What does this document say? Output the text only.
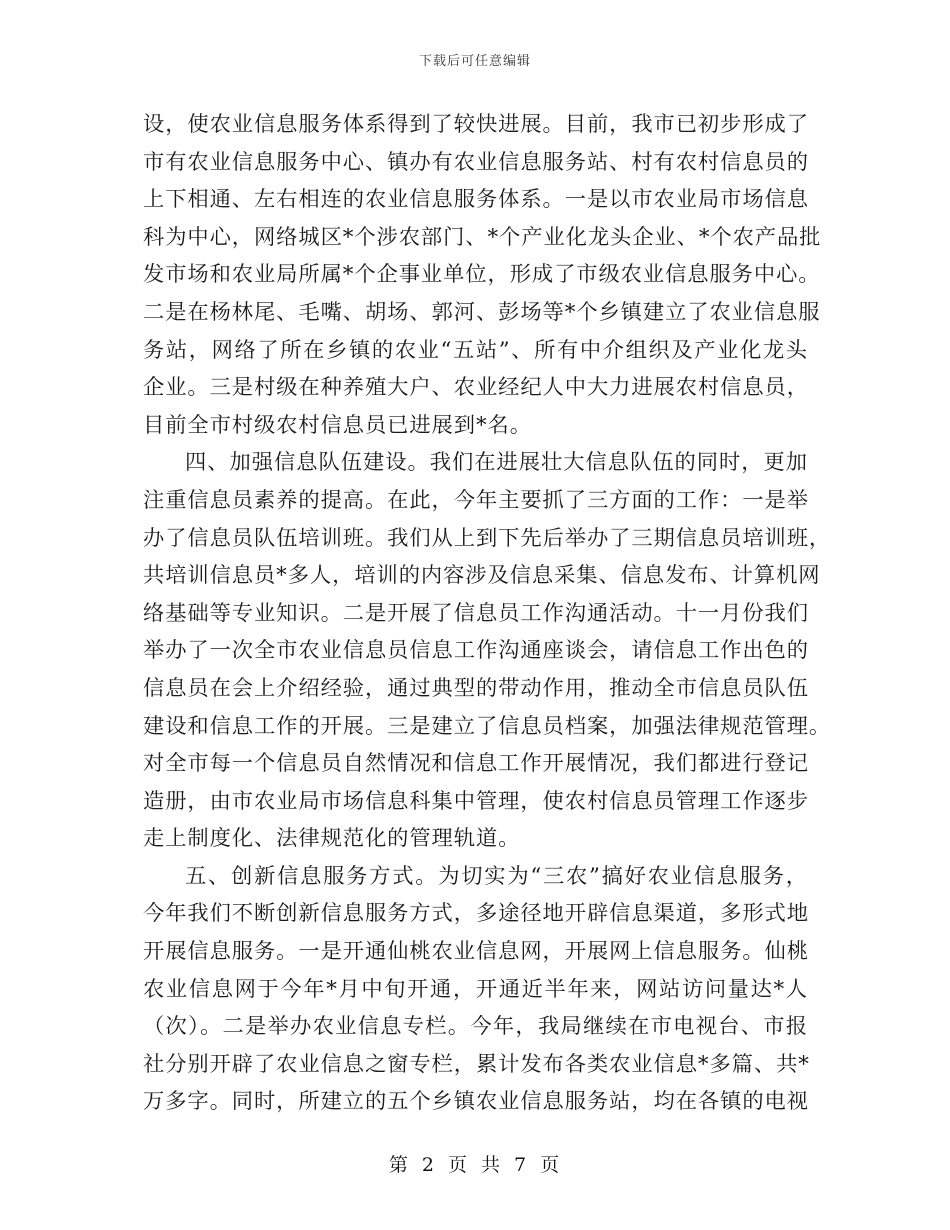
下载后可任意编辑
设，使农业信息服务体系得到了较快进展。目前，我市已初步形成了
市有农业信息服务中心、镇办有农业信息服务站、村有农村信息员的
上下相通、左右相连的农业信息服务体系。一是以市农业局市场信息
科为中心，网络城区*个涉农部门、*个产业化龙头企业、*个农产品批
发市场和农业局所属*个企事业单位，形成了市级农业信息服务中心。
二是在杨林尾、毛嘴、胡场、郭河、彭场等*个乡镇建立了农业信息服
务站，网络了所在乡镇的农业“五站”、所有中介组织及产业化龙头
企业。三是村级在种养殖大户、农业经纪人中大力进展农村信息员，
目前全市村级农村信息员已进展到*名。
四、加强信息队伍建设。我们在进展壮大信息队伍的同时，更加
注重信息员素养的提高。在此，今年主要抓了三方面的工作：一是举
办了信息员队伍培训班。我们从上到下先后举办了三期信息员培训班，
共培训信息员*多人，培训的内容涉及信息采集、信息发布、计算机网
络基础等专业知识。二是开展了信息员工作沟通活动。十一月份我们
举办了一次全市农业信息员信息工作沟通座谈会，请信息工作出色的
信息员在会上介绍经验，通过典型的带动作用，推动全市信息员队伍
建设和信息工作的开展。三是建立了信息员档案，加强法律规范管理。
对全市每一个信息员自然情况和信息工作开展情况，我们都进行登记
造册，由市农业局市场信息科集中管理，使农村信息员管理工作逐步
走上制度化、法律规范化的管理轨道。
五、创新信息服务方式。为切实为“三农”搞好农业信息服务，
今年我们不断创新信息服务方式，多途径地开辟信息渠道，多形式地
开展信息服务。一是开通仙桃农业信息网，开展网上信息服务。仙桃
农业信息网于今年*月中旬开通，开通近半年来，网站访问量达*人
（次）。二是举办农业信息专栏。今年，我局继续在市电视台、市报
社分别开辟了农业信息之窗专栏，累计发布各类农业信息*多篇、共*
万多字。同时，所建立的五个乡镇农业信息服务站，均在各镇的电视
第 2 页 共 7 页
